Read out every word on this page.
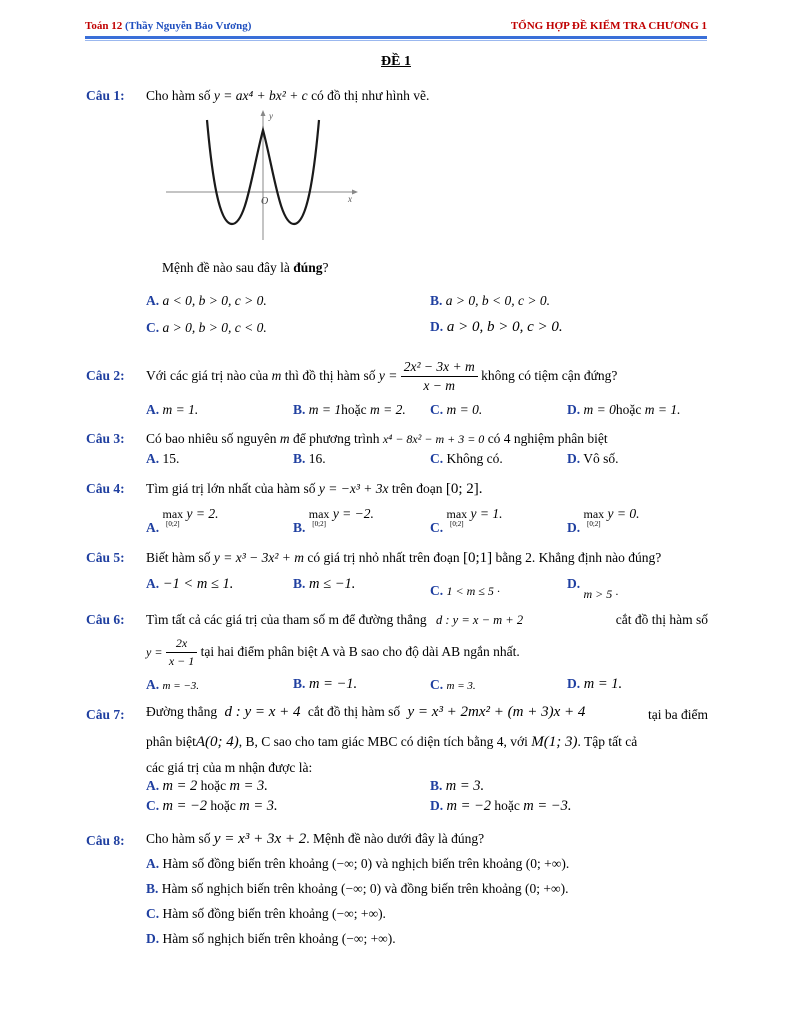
Toán 12 (Thầy Nguyễn Bảo Vương)	TỔNG HỢP ĐỀ KIỂM TRA CHƯƠNG 1
ĐỀ 1
Câu 1: Cho hàm số y = ax⁴ + bx² + c có đồ thị như hình vẽ.
y
x
O
Mệnh đề nào sau đây là đúng?
A. a < 0, b > 0, c > 0.	B. a > 0, b < 0, c > 0.
C. a > 0, b > 0, c < 0.	D. a > 0, b > 0, c > 0.
Câu 2: Với các giá trị nào của m thì đồ thị hàm số $y = \frac{\text{2x² − 3x + m}}{x - m}$ không có tiệm cận đứng?
A. m = 1.	B. m = 1hoặc m = 2. C. m = 0.	D. m = 0hoặc m = 1.
Câu 3: Có bao nhiêu số nguyên m để phương trình x⁴ − 8x² − m + 3 = 0 có 4 nghiệm phân biệt
A. 15.	B. 16.	C. Không có.	D. Vô số.
Câu 4: Tìm giá trị lớn nhất của hàm số y = −x³ + 3x trên đoạn [0; 2].
A.
max
[0;2]
y = 2.
B.
max
[0;2]
y = −2.
C.
max
[0;2]
y = 1.
D.
max
[0;2]
y = 0.
Câu 5: Biết hàm số y = x³ − 3x² + m có giá trị nhỏ nhất trên đoạn [0;1] bằng 2. Khẳng định nào đúng?
A. −1 < m ≤ 1.	B. m ≤ −1.	C. 1 < m ≤ 5 ·	D. m > 5 ·
Câu 6: Tìm tất cả các giá trị của tham số m để đường thẳng d : y = x − m + 2	cắt đồ thị hàm số
$y = \frac{2x}{x - 1}$ tại hai điểm phân biệt A và B sao cho độ dài AB ngắn nhất.
A. m = −3.	B. m = −1.	C. m = 3.	D. m = 1.
Câu 7: Đường thẳng d : y = x + 4 cắt đồ thị hàm số y = x³ + 2mx² + (m + 3)x + 4	tại ba điểm
phân biệtA(0; 4), B, C sao cho tam giác MBC có diện tích bằng 4, với M(1; 3). Tập tất cả
các giá trị của m nhận được là:
A. m = 2 hoặc m = 3.	B. m = 3.
C. m = −2 hoặc m = 3.	D. m = −2 hoặc m = −3.
Câu 8: Cho hàm số y = x³ + 3x + 2. Mệnh đề nào dưới đây là đúng?
A. Hàm số đồng biến trên khoảng (−∞; 0) và nghịch biến trên khoảng (0; +∞).
B. Hàm số nghịch biến trên khoảng (−∞; 0) và đồng biến trên khoảng (0; +∞).
C. Hàm số đồng biến trên khoảng (−∞; +∞).
D. Hàm số nghịch biến trên khoảng (−∞; +∞).
